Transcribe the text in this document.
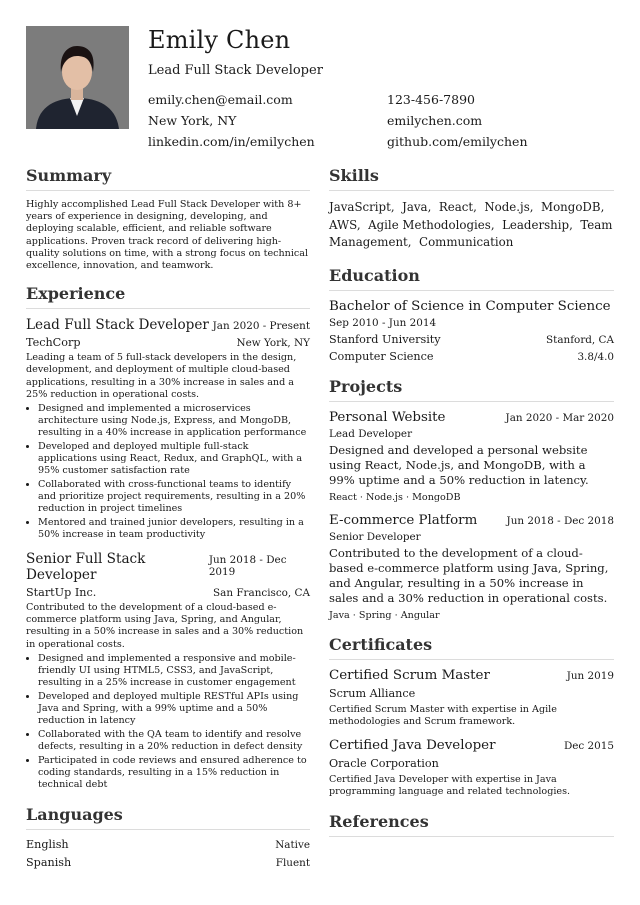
Emily Chen
Lead Full Stack Developer
emily.chen@email.com	123-456-7890
New York, NY	emilychen.com
linkedin.com/in/emilychen	github.com/emilychen
Summary

Highly accomplished Lead Full Stack Developer with 8+ years of experience in designing, developing, and deploying scalable, efficient, and reliable software applications. Proven track record of delivering high-quality solutions on time, with a strong focus on technical excellence, innovation, and teamwork.

Experience
Lead Full Stack Developer Jan 2020 - Present
TechCorp	New York, NY

Leading a team of 5 full-stack developers in the design, development, and deployment of multiple cloud-based applications, resulting in a 30% increase in sales and a 25% reduction in operational costs.

• Designed and implemented a microservices architecture using Node.js, Express, and MongoDB, resulting in a 40% increase in application performance
• Developed and deployed multiple full-stack applications using React, Redux, and GraphQL, with a 95% customer satisfaction rate
• Collaborated with cross-functional teams to identify and prioritize project requirements, resulting in a 20% reduction in project timelines
• Mentored and trained junior developers, resulting in a 50% increase in team productivity
Senior Full Stack Developer
Jun 2018 - Dec 2019
StartUp Inc.	San Francisco, CA

Contributed to the development of a cloud-based e-commerce platform using Java, Spring, and Angular, resulting in a 50% increase in sales and a 30% reduction in operational costs.

• Designed and implemented a responsive and mobile-friendly UI using HTML5, CSS3, and JavaScript, resulting in a 25% increase in customer engagement
• Developed and deployed multiple RESTful APIs using Java and Spring, with a 99% uptime and a 50% reduction in latency
• Collaborated with the QA team to identify and resolve defects, resulting in a 20% reduction in defect density
• Participated in code reviews and ensured adherence to coding standards, resulting in a 15% reduction in technical debt
Languages
English	Native
Spanish	Fluent
Skills

JavaScript,  Java,  React,  Node.js,  MongoDB,  AWS,  Agile Methodologies,  Leadership,  Team Management,  Communication

Education
Bachelor of Science in Computer Science
Sep 2010 - Jun 2014
Stanford University	Stanford, CA
Computer Science	3.8/4.0
Projects
Personal Website	Jan 2020 - Mar 2020
Lead Developer

Designed and developed a personal website using React, Node.js, and MongoDB, with a 99% uptime and a 50% reduction in latency.

React · Node.js · MongoDB
E-commerce Platform	Jun 2018 - Dec 2018
Senior Developer

Contributed to the development of a cloud-based e-commerce platform using Java, Spring, and Angular, resulting in a 50% increase in sales and a 30% reduction in operational costs.

Java · Spring · Angular
Certificates
Certified Scrum Master	Jun 2019
Scrum Alliance

Certified Scrum Master with expertise in Agile methodologies and Scrum framework.

Certified Java Developer	Dec 2015
Oracle Corporation

Certified Java Developer with expertise in Java programming language and related technologies.

References
